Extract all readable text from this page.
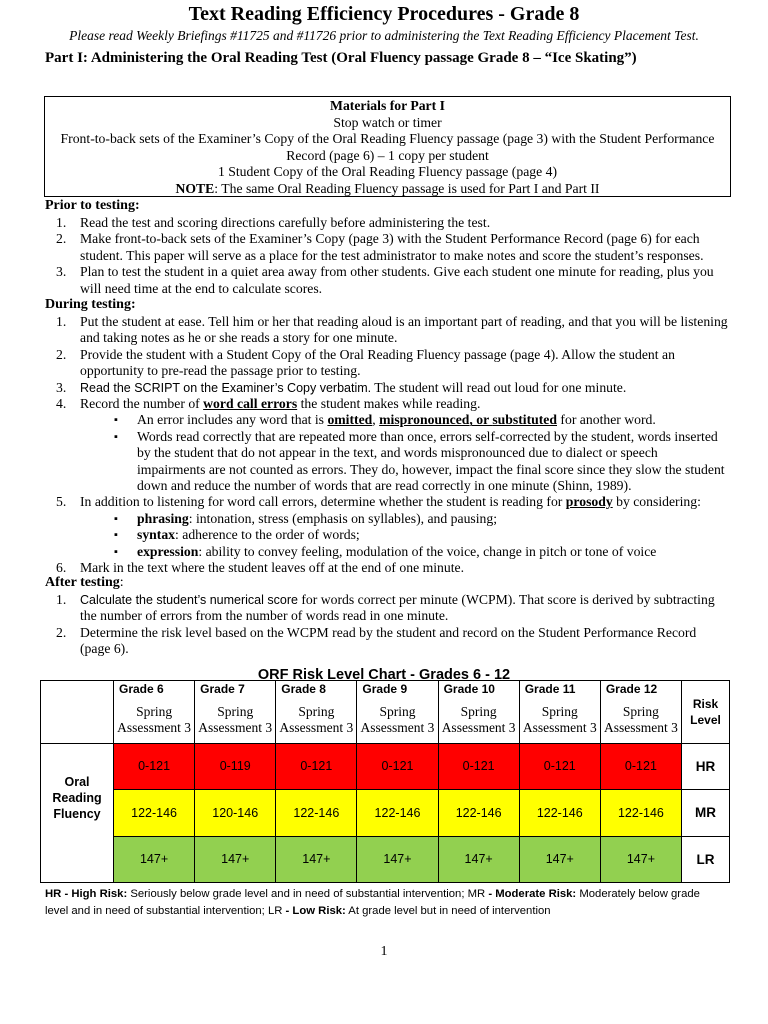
Text Reading Efficiency Procedures - Grade 8
Please read Weekly Briefings #11725 and #11726 prior to administering the Text Reading Efficiency Placement Test.
Part I: Administering the Oral Reading Test (Oral Fluency passage Grade 8 – “Ice Skating”)
Materials for Part I
Stop watch or timer
Front-to-back sets of the Examiner’s Copy of the Oral Reading Fluency passage (page 3) with the Student Performance
Record (page 6) – 1 copy per student
1 Student Copy of the Oral Reading Fluency passage (page 4)
NOTE: The same Oral Reading Fluency passage is used for Part I and Part II
Prior to testing:
1. Read the test and scoring directions carefully before administering the test.
2. Make front-to-back sets of the Examiner’s Copy (page 3) with the Student Performance Record (page 6) for each student. This paper will serve as a place for the test administrator to make notes and score the student’s responses.
3. Plan to test the student in a quiet area away from other students. Give each student one minute for reading, plus you will need time at the end to calculate scores.
During testing:
1. Put the student at ease. Tell him or her that reading aloud is an important part of reading, and that you will be listening and taking notes as he or she reads a story for one minute.
2. Provide the student with a Student Copy of the Oral Reading Fluency passage (page 4). Allow the student an opportunity to pre-read the passage prior to testing.
3. Read the SCRIPT on the Examiner’s Copy verbatim. The student will read out loud for one minute.
4. Record the number of word call errors the student makes while reading.
▪ An error includes any word that is omitted, mispronounced, or substituted for another word.
▪ Words read correctly that are repeated more than once, errors self-corrected by the student, words inserted by the student that do not appear in the text, and words mispronounced due to dialect or speech impairments are not counted as errors. They do, however, impact the final score since they slow the student down and reduce the number of words that are read correctly in one minute (Shinn, 1989).
5. In addition to listening for word call errors, determine whether the student is reading for prosody by considering:
▪ phrasing: intonation, stress (emphasis on syllables), and pausing;
▪ syntax: adherence to the order of words;
▪ expression: ability to convey feeling, modulation of the voice, change in pitch or tone of voice
6. Mark in the text where the student leaves off at the end of one minute.
After testing:
1. Calculate the student’s numerical score for words correct per minute (WCPM). That score is derived by subtracting the number of errors from the number of words read in one minute.
2. Determine the risk level based on the WCPM read by the student and record on the Student Performance Record (page 6).
ORF Risk Level Chart - Grades 6 - 12
	Grade 6	Grade 7	Grade 8	Grade 9	Grade 10	Grade 11	Grade 12	Risk Level
	Spring Assessment 3	Spring Assessment 3	Spring Assessment 3	Spring Assessment 3	Spring Assessment 3	Spring Assessment 3	Spring Assessment 3	
Oral Reading Fluency	0-121	0-119	0-121	0-121	0-121	0-121	0-121	HR
	122-146	120-146	122-146	122-146	122-146	122-146	122-146	MR
	147+	147+	147+	147+	147+	147+	147+	LR
HR - High Risk: Seriously below grade level and in need of substantial intervention; MR - Moderate Risk: Moderately below grade level and in need of substantial intervention; LR - Low Risk: At grade level but in need of intervention
1
